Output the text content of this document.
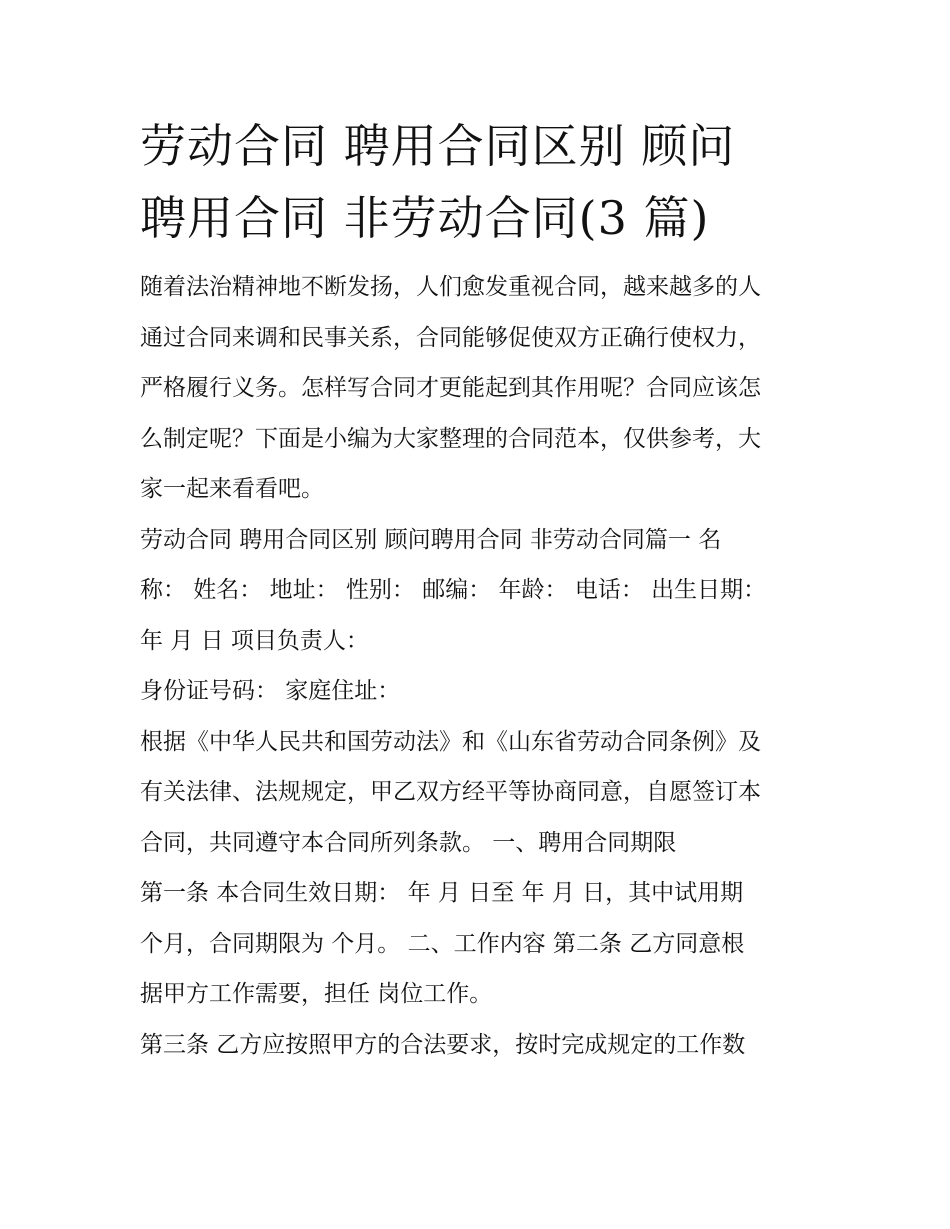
劳动合同 聘用合同区别 顾问
聘用合同 非劳动合同(3 篇)
随着法治精神地不断发扬，人们愈发重视合同，越来越多的人
通过合同来调和民事关系，合同能够促使双方正确行使权力，
严格履行义务。怎样写合同才更能起到其作用呢？合同应该怎
么制定呢？下面是小编为大家整理的合同范本，仅供参考，大
家一起来看看吧。
劳动合同 聘用合同区别 顾问聘用合同 非劳动合同篇一 名
称： 姓名： 地址： 性别： 邮编： 年龄： 电话： 出生日期：
年 月 日 项目负责人：
身份证号码： 家庭住址：
根据《中华人民共和国劳动法》和《山东省劳动合同条例》及
有关法律、法规规定，甲乙双方经平等协商同意，自愿签订本
合同，共同遵守本合同所列条款。 一、聘用合同期限
第一条 本合同生效日期： 年 月 日至 年 月 日，其中试用期
个月，合同期限为 个月。 二、工作内容 第二条 乙方同意根
据甲方工作需要，担任 岗位工作。
第三条 乙方应按照甲方的合法要求，按时完成规定的工作数
